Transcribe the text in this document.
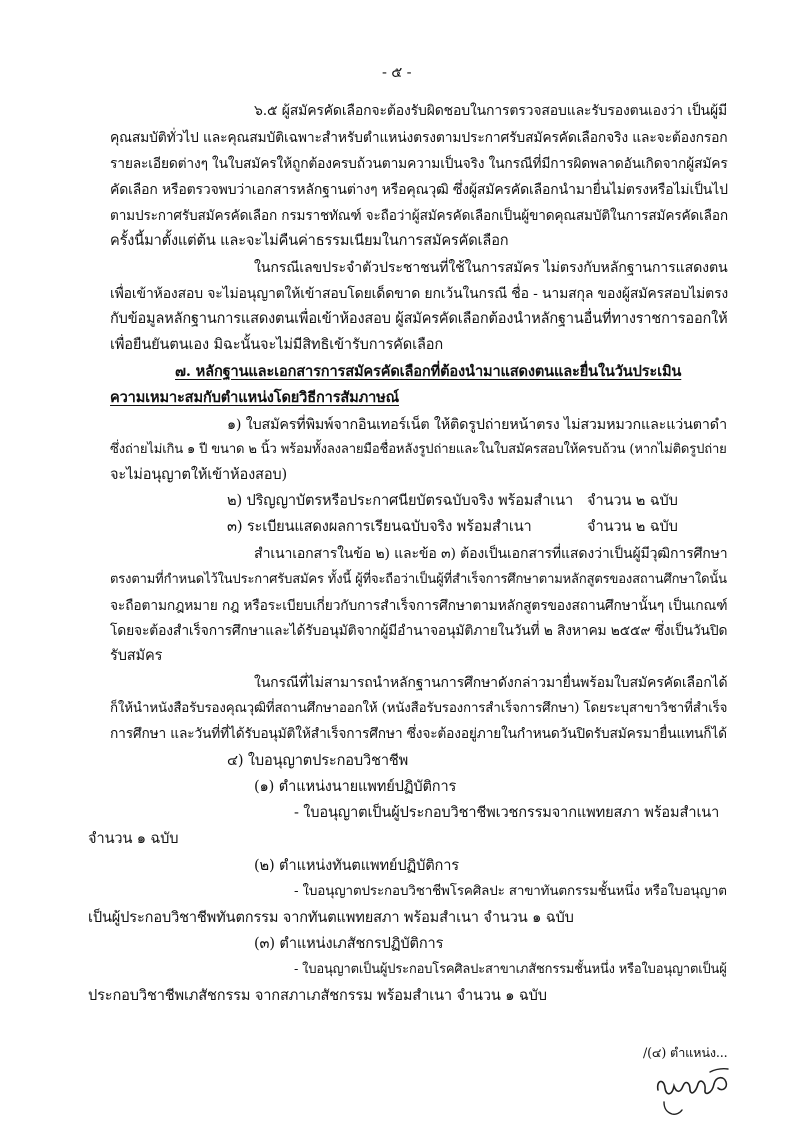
- ๕ -
๖.๕ ผู้สมัครคัดเลือกจะต้องรับผิดชอบในการตรวจสอบและรับรองตนเองว่า เป็นผู้มี
คุณสมบัติทั่วไป และคุณสมบัติเฉพาะสำหรับตำแหน่งตรงตามประกาศรับสมัครคัดเลือกจริง และจะต้องกรอก
รายละเอียดต่างๆ ในใบสมัครให้ถูกต้องครบถ้วนตามความเป็นจริง ในกรณีที่มีการผิดพลาดอันเกิดจากผู้สมัคร
คัดเลือก หรือตรวจพบว่าเอกสารหลักฐานต่างๆ หรือคุณวุฒิ ซึ่งผู้สมัครคัดเลือกนำมายื่นไม่ตรงหรือไม่เป็นไป
ตามประกาศรับสมัครคัดเลือก กรมราชทัณฑ์ จะถือว่าผู้สมัครคัดเลือกเป็นผู้ขาดคุณสมบัติในการสมัครคัดเลือก
ครั้งนี้มาตั้งแต่ต้น และจะไม่คืนค่าธรรมเนียมในการสมัครคัดเลือก
ในกรณีเลขประจำตัวประชาชนที่ใช้ในการสมัคร ไม่ตรงกับหลักฐานการแสดงตน
เพื่อเข้าห้องสอบ จะไม่อนุญาตให้เข้าสอบโดยเด็ดขาด ยกเว้นในกรณี ชื่อ - นามสกุล ของผู้สมัครสอบไม่ตรง
กับข้อมูลหลักฐานการแสดงตนเพื่อเข้าห้องสอบ ผู้สมัครคัดเลือกต้องนำหลักฐานอื่นที่ทางราชการออกให้
เพื่อยืนยันตนเอง มิฉะนั้นจะไม่มีสิทธิเข้ารับการคัดเลือก
๗. หลักฐานและเอกสารการสมัครคัดเลือกที่ต้องนำมาแสดงตนและยื่นในวันประเมิน
ความเหมาะสมกับตำแหน่งโดยวิธีการสัมภาษณ์
๑) ใบสมัครที่พิมพ์จากอินเทอร์เน็ต ให้ติดรูปถ่ายหน้าตรง ไม่สวมหมวกและแว่นตาดำ
ซึ่งถ่ายไม่เกิน ๑ ปี ขนาด ๒ นิ้ว พร้อมทั้งลงลายมือชื่อหลังรูปถ่ายและในใบสมัครสอบให้ครบถ้วน (หากไม่ติดรูปถ่าย
จะไม่อนุญาตให้เข้าห้องสอบ)
๒) ปริญญาบัตรหรือประกาศนียบัตรฉบับจริง พร้อมสำเนา จำนวน ๒ ฉบับ
๓) ระเบียนแสดงผลการเรียนฉบับจริง พร้อมสำเนา	จำนวน ๒ ฉบับ
สำเนาเอกสารในข้อ ๒) และข้อ ๓) ต้องเป็นเอกสารที่แสดงว่าเป็นผู้มีวุฒิการศึกษา
ตรงตามที่กำหนดไว้ในประกาศรับสมัคร ทั้งนี้ ผู้ที่จะถือว่าเป็นผู้ที่สำเร็จการศึกษาตามหลักสูตรของสถานศึกษาใดนั้น
จะถือตามกฎหมาย กฎ หรือระเบียบเกี่ยวกับการสำเร็จการศึกษาตามหลักสูตรของสถานศึกษานั้นๆ เป็นเกณฑ์
โดยจะต้องสำเร็จการศึกษาและได้รับอนุมัติจากผู้มีอำนาจอนุมัติภายในวันที่ ๒ สิงหาคม ๒๕๕๙ ซึ่งเป็นวันปิด
รับสมัคร
ในกรณีที่ไม่สามารถนำหลักฐานการศึกษาดังกล่าวมายื่นพร้อมใบสมัครคัดเลือกได้
ก็ให้นำหนังสือรับรองคุณวุฒิที่สถานศึกษาออกให้ (หนังสือรับรองการสำเร็จการศึกษา) โดยระบุสาขาวิชาที่สำเร็จ
การศึกษา และวันที่ที่ได้รับอนุมัติให้สำเร็จการศึกษา ซึ่งจะต้องอยู่ภายในกำหนดวันปิดรับสมัครมายื่นแทนก็ได้
๔) ใบอนุญาตประกอบวิชาชีพ
(๑) ตำแหน่งนายแพทย์ปฏิบัติการ
- ใบอนุญาตเป็นผู้ประกอบวิชาชีพเวชกรรมจากแพทยสภา พร้อมสำเนา
จำนวน ๑ ฉบับ
(๒) ตำแหน่งทันตแพทย์ปฏิบัติการ
- ใบอนุญาตประกอบวิชาชีพโรคศิลปะ สาขาทันตกรรมชั้นหนึ่ง หรือใบอนุญาต
เป็นผู้ประกอบวิชาชีพทันตกรรม จากทันตแพทยสภา พร้อมสำเนา จำนวน ๑ ฉบับ
(๓) ตำแหน่งเภสัชกรปฏิบัติการ
- ใบอนุญาตเป็นผู้ประกอบโรคศิลปะสาขาเภสัชกรรมชั้นหนึ่ง หรือใบอนุญาตเป็นผู้
ประกอบวิชาชีพเภสัชกรรม จากสภาเภสัชกรรม พร้อมสำเนา จำนวน ๑ ฉบับ
/(๔) ตำแหน่ง...
